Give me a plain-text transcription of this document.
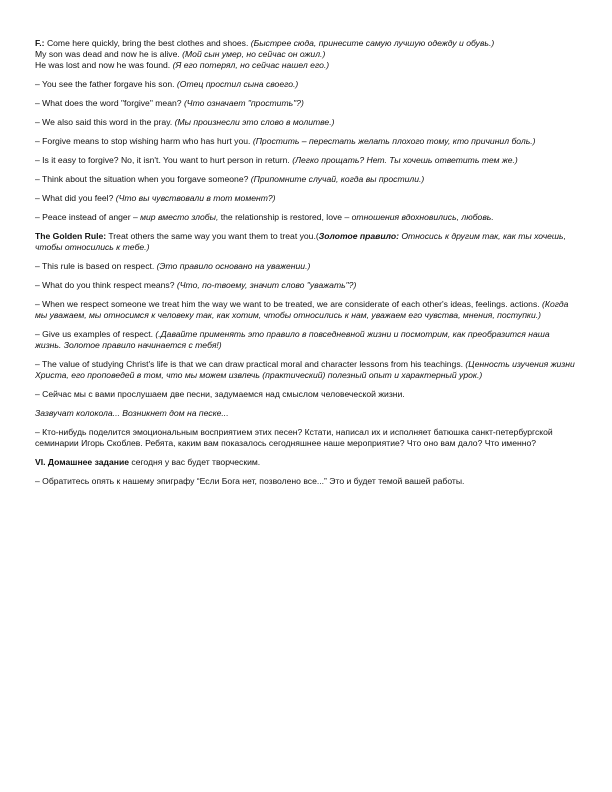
F.: Come here quickly, bring the best clothes and shoes. (Быстрее сюда, принесите самую лучшую одежду и обувь.)
My son was dead and now he is alive. (Мой сын умер, но сейчас он ожил.)
He was lost and now he was found. (Я его потерял, но сейчас нашел его.)
– You see the father forgave his son. (Отец простил сына своего.)
– What does the word "forgive" mean? (Что означает "простить"?)
– We also said this word in the pray. (Мы произнесли это слово в молитве.)
– Forgive means to stop wishing harm who has hurt you. (Простить – перестать желать плохого тому, кто причинил боль.)
– Is it easy to forgive? No, it isn't. You want to hurt person in return. (Легко прощать? Нет. Ты хочешь ответить тем же.)
– Think about the situation when you forgave someone? (Припомните случай, когда вы простили.)
– What did you feel? (Что вы чувствовали в тот момент?)
– Peace instead of anger – мир вместо злобы, the relationship is restored, love – отношения вдохновились, любовь.
The Golden Rule: Treat others the same way you want them to treat you.(Золотое правило: Относись к другим так, как ты хочешь, чтобы относились к тебе.)
– This rule is based on respect. (Это правило основано на уважении.)
– What do you think respect means? (Что, по-твоему, значит слово "уважать"?)
– When we respect someone we treat him the way we want to be treated, we are considerate of each other's ideas, feelings. actions. (Когда мы уважаем, мы относимся к человеку так, как хотим, чтобы относились к нам, уважаем его чувства, мнения, поступки.)
– Give us examples of respect. (.Давайте применять это правило в повседневной жизни и посмотрим, как преобразится наша жизнь. Золотое правило начинается с тебя!)
– The value of studying Christ's life is that we can draw practical moral and character lessons from his teachings. (Ценность изучения жизни Христа, его проповедей в том, что мы можем извлечь (практический) полезный опыт и характерный урок.)
– Сейчас мы с вами прослушаем две песни, задумаемся над смыслом человеческой жизни.
Зазвучат колокола... Возникнет дом на песке...
– Кто-нибудь поделится эмоциональным восприятием этих песен? Кстати, написал их и исполняет батюшка санкт-петербургской семинарии Игорь Скоблев. Ребята, каким вам показалось сегодняшнее наше мероприятие? Что оно вам дало? Что именно?
VI. Домашнее задание сегодня у вас будет творческим.
– Обратитесь опять к нашему эпиграфу “Если Бога нет, позволено все...” Это и будет темой вашей работы.
